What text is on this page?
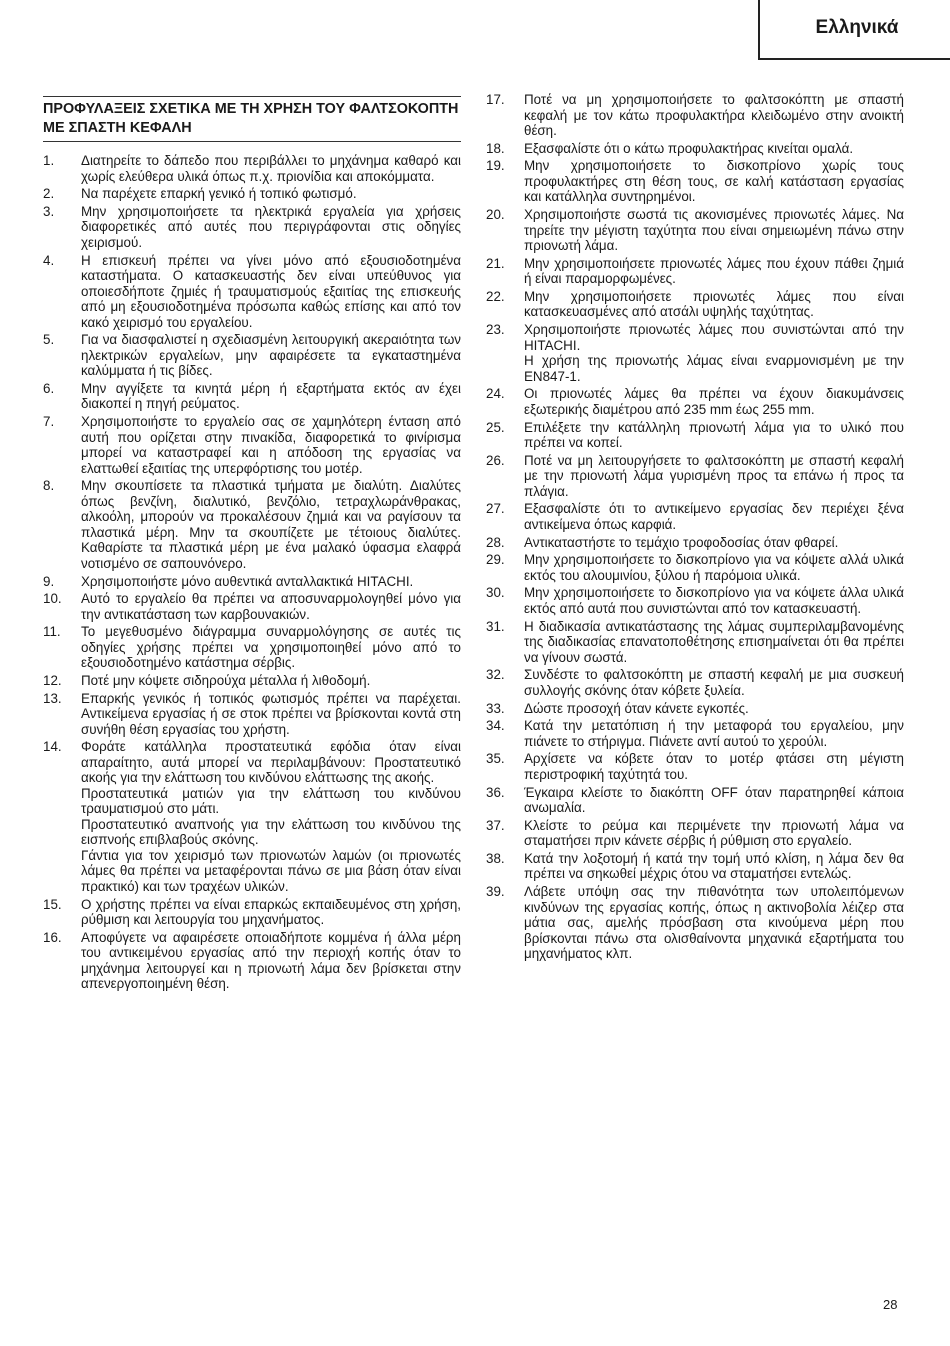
Ελληνικά
ΠΡΟΦΥΛΑΞΕΙΣ ΣΧΕΤΙΚΑ ΜΕ ΤΗ ΧΡΗΣΗ ΤΟΥ ΦΑΛΤΣΟΚΟΠΤΗ ΜΕ ΣΠΑΣΤΗ ΚΕΦΑΛΗ
1.	Διατηρείτε το δάπεδο που περιβάλλει το μηχάνημα καθαρό και χωρίς ελεύθερα υλικά όπως π.χ. πριονίδια και αποκόμματα.
2.	Να παρέχετε επαρκή γενικό ή τοπικό φωτισμό.
3.	Μην χρησιμοποιήσετε τα ηλεκτρικά εργαλεία για χρήσεις διαφορετικές από αυτές που περιγράφονται στις οδηγίες χειρισμού.
4.	Η επισκευή πρέπει να γίνει μόνο από εξουσιοδοτημένα καταστήματα. Ο κατασκευαστής δεν είναι υπεύθυνος για οποιεσδήποτε ζημιές ή τραυματισμούς εξαιτίας της επισκευής από μη εξουσιοδοτημένα πρόσωπα καθώς επίσης και από τον κακό χειρισμό του εργαλείου.
5.	Για να διασφαλιστεί η σχεδιασμένη λειτουργική ακεραιότητα των ηλεκτρικών εργαλείων, μην αφαιρέσετε τα εγκαταστημένα καλύμματα ή τις βίδες.
6.	Μην αγγίξετε τα κινητά μέρη ή εξαρτήματα εκτός αν έχει διακοπεί η πηγή ρεύματος.
7.	Χρησιμοποιήστε το εργαλείο σας σε χαμηλότερη ένταση από αυτή που ορίζεται στην πινακίδα, διαφορετικά το φινίρισμα μπορεί να καταστραφεί και η απόδοση της εργασίας να ελαττωθεί εξαιτίας της υπερφόρτισης του μοτέρ.
8.	Μην σκουπίσετε τα πλαστικά τμήματα με διαλύτη. Διαλύτες όπως βενζίνη, διαλυτικό, βενζόλιο, τετραχλωράνθρακας, αλκοόλη, μπορούν να προκαλέσουν ζημιά και να ραγίσουν τα πλαστικά μέρη. Μην τα σκουπίζετε με τέτοιους διαλύτες. Καθαρίστε τα πλαστικά μέρη με ένα μαλακό ύφασμα ελαφρά νοτισμένο σε σαπουνόνερο.
9.	Χρησιμοποιήστε μόνο αυθεντικά ανταλλακτικά HITACHI.
10.	Αυτό το εργαλείο θα πρέπει να αποσυναρμολογηθεί μόνο για την αντικατάσταση των καρβουνακιών.
11.	Το μεγεθυσμένο διάγραμμα συναρμολόγησης σε αυτές τις οδηγίες χρήσης πρέπει να χρησιμοποιηθεί μόνο από το εξουσιοδοτημένο κατάστημα σέρβις.
12.	Ποτέ μην κόψετε σιδηρούχα μέταλλα ή λιθοδομή.
13.	Επαρκής γενικός ή τοπικός φωτισμός πρέπει να παρέχεται. Αντικείμενα εργασίας ή σε στοκ πρέπει να βρίσκονται κοντά στη συνήθη θέση εργασίας του χρήστη.
14.	Φοράτε κατάλληλα προστατευτικά εφόδια όταν είναι απαραίτητο, αυτά μπορεί να περιλαμβάνουν: Προστατευτικό ακοής για την ελάττωση του κινδύνου ελάττωσης της ακοής.
Προστατευτικά ματιών για την ελάττωση του κινδύνου τραυματισμού στο μάτι.
Προστατευτικό αναπνοής για την ελάττωση του κινδύνου της εισπνοής επιβλαβούς σκόνης.
Γάντια για τον χειρισμό των πριονωτών λαμών (οι πριονωτές λάμες θα πρέπει να μεταφέρονται πάνω σε μια βάση όταν είναι πρακτικό) και των τραχέων υλικών.
15.	Ο χρήστης πρέπει να είναι επαρκώς εκπαιδευμένος στη χρήση, ρύθμιση και λειτουργία του μηχανήματος.
16.	Αποφύγετε να αφαιρέσετε οποιαδήποτε κομμένα ή άλλα μέρη του αντικειμένου εργασίας από την περιοχή κοπής όταν το μηχάνημα λειτουργεί και η πριονωτή λάμα δεν βρίσκεται στην απενεργοποιημένη θέση.
17.	Ποτέ να μη χρησιμοποιήσετε το φαλτσοκόπτη με σπαστή κεφαλή με τον κάτω προφυλακτήρα κλειδωμένο στην ανοικτή θέση.
18.	Εξασφαλίστε ότι ο κάτω προφυλακτήρας κινείται ομαλά.
19.	Μην χρησιμοποιήσετε το δισκοπρίονο χωρίς τους προφυλακτήρες στη θέση τους, σε καλή κατάσταση εργασίας και κατάλληλα συντηρημένοι.
20.	Χρησιμοποιήστε σωστά τις ακονισμένες πριονωτές λάμες. Να τηρείτε την μέγιστη ταχύτητα που είναι σημειωμένη πάνω στην πριονωτή λάμα.
21.	Μην χρησιμοποιήσετε πριονωτές λάμες που έχουν πάθει ζημιά ή είναι παραμορφωμένες.
22.	Μην χρησιμοποιήσετε πριονωτές λάμες που είναι κατασκευασμένες από ατσάλι υψηλής ταχύτητας.
23.	Χρησιμοποιήστε πριονωτές λάμες που συνιστώνται από την HITACHI.
Η χρήση της πριονωτής λάμας είναι εναρμονισμένη με την EN847-1.
24.	Οι πριονωτές λάμες θα πρέπει να έχουν διακυμάνσεις εξωτερικής διαμέτρου από 235 mm έως 255 mm.
25.	Επιλέξετε την κατάλληλη πριονωτή λάμα για το υλικό που πρέπει να κοπεί.
26.	Ποτέ να μη λειτουργήσετε το φαλτσοκόπτη με σπαστή κεφαλή με την πριονωτή λάμα γυρισμένη προς τα επάνω ή προς τα πλάγια.
27.	Εξασφαλίστε ότι το αντικείμενο εργασίας δεν περιέχει ξένα αντικείμενα όπως καρφιά.
28.	Αντικαταστήστε το τεμάχιο τροφοδοσίας όταν φθαρεί.
29.	Μην χρησιμοποιήσετε το δισκοπρίονο για να κόψετε αλλά υλικά εκτός του αλουμινίου, ξύλου ή παρόμοια υλικά.
30.	Μην χρησιμοποιήσετε το δισκοπρίονο για να κόψετε άλλα υλικά εκτός από αυτά που συνιστώνται από τον κατασκευαστή.
31.	Η διαδικασία αντικατάστασης της λάμας συμπεριλαμβανομένης της διαδικασίας επανατοποθέτησης επισημαίνεται ότι θα πρέπει να γίνουν σωστά.
32.	Συνδέστε το φαλτσοκόπτη με σπαστή κεφαλή με μια συσκευή συλλογής σκόνης όταν κόβετε ξυλεία.
33.	Δώστε προσοχή όταν κάνετε εγκοπές.
34.	Κατά την μετατόπιση ή την μεταφορά του εργαλείου, μην πιάνετε το στήριγμα. Πιάνετε αντί αυτού το χερούλι.
35.	Αρχίσετε να κόβετε όταν το μοτέρ φτάσει στη μέγιστη περιστροφική ταχύτητά του.
36.	Έγκαιρα κλείστε το διακόπτη OFF όταν παρατηρηθεί κάποια ανωμαλία.
37.	Κλείστε το ρεύμα και περιμένετε την πριονωτή λάμα να σταματήσει πριν κάνετε σέρβις ή ρύθμιση στο εργαλείο.
38.	Κατά την λοξοτομή ή κατά την τομή υπό κλίση, η λάμα δεν θα πρέπει να σηκωθεί μέχρις ότου να σταματήσει εντελώς.
39.	Λάβετε υπόψη σας την πιθανότητα των υπολειπόμενων κινδύνων της εργασίας κοπής, όπως η ακτινοβολία λέιζερ στα μάτια σας, αμελής πρόσβαση στα κινούμενα μέρη που βρίσκονται πάνω στα ολισθαίνοντα μηχανικά εξαρτήματα του μηχανήματος κλπ.
28
